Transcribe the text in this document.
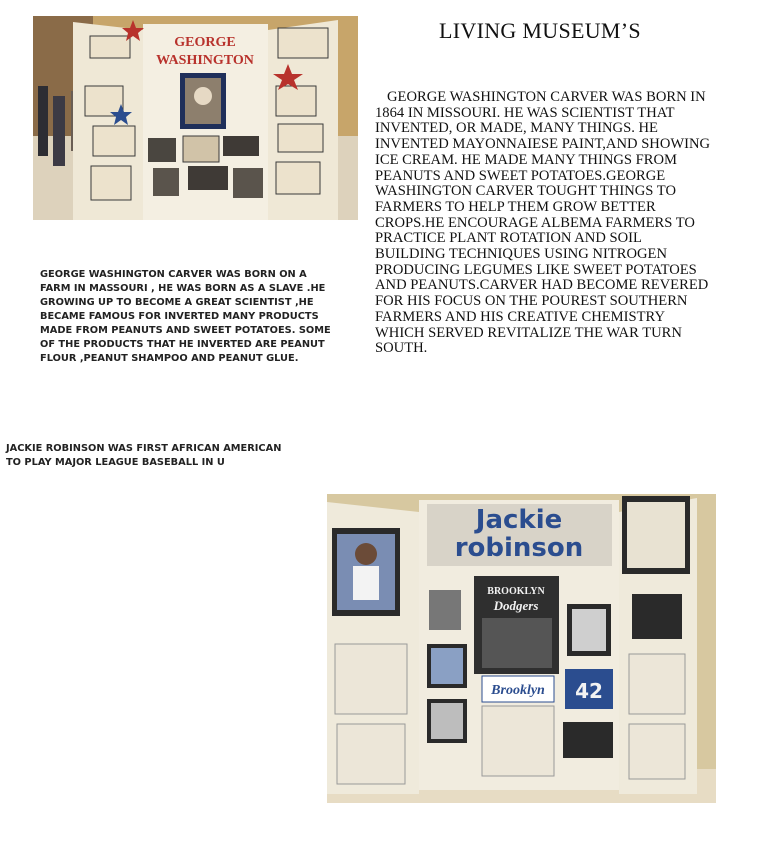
LIVING MUSEUM’S
GEORGE WASHINGTON CARVER WAS BORN IN 1864 IN MISSOURI. HE WAS SCIENTIST THAT INVENTED, OR MADE, MANY THINGS. HE INVENTED MAYONNAIESE PAINT,AND SHOWING ICE CREAM. HE MADE MANY THINGS FROM PEANUTS AND SWEET POTATOES.GEORGE WASHINGTON CARVER TOUGHT THINGS TO FARMERS TO HELP THEM GROW BETTER CROPS.HE ENCOURAGE ALBEMA FARMERS TO PRACTICE PLANT ROTATION AND SOIL BUILDING TECHNIQUES USING NITROGEN PRODUCING LEGUMES LIKE SWEET POTATOES AND PEANUTS.CARVER HAD BECOME REVERED FOR HIS FOCUS ON THE POUREST SOUTHERN FARMERS AND HIS CREATIVE CHEMISTRY WHICH SERVED REVITALIZE THE WAR TURN SOUTH.
GEORGE WASHINGTON CARVER WAS BORN ON A FARM IN MASSOURI , HE WAS BORN AS A SLAVE .HE GROWING UP TO BECOME A GREAT SCIENTIST ,HE BECAME FAMOUS FOR INVERTED MANY PRODUCTS MADE FROM PEANUTS AND SWEET POTATOES. SOME OF THE PRODUCTS THAT HE INVERTED ARE PEANUT FLOUR ,PEANUT SHAMPOO AND PEANUT GLUE.
JACKIE ROBINSON WAS FIRST AFRICAN AMERICAN TO PLAY MAJOR LEAGUE BASEBALL IN U
GEORGE
WASHINGTON
Jackie
robinson
BROOKLYN
Dodgers
Brooklyn 42
